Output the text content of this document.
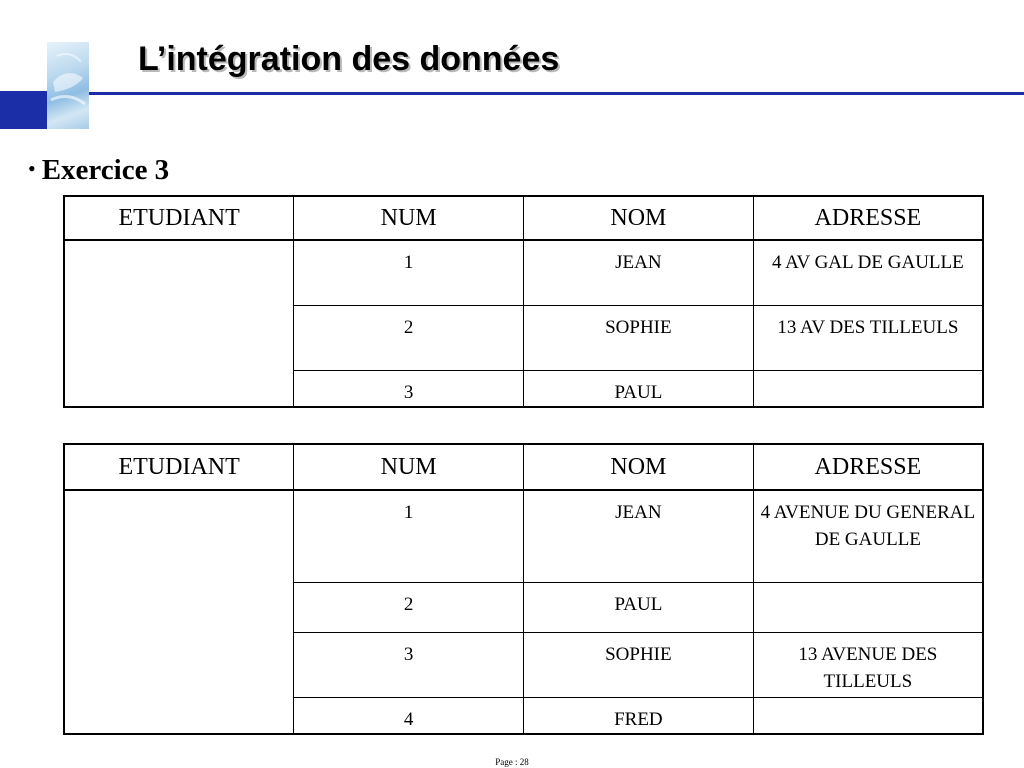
L’intégration des données

• Exercice 3

ETUDIANT	NUM	NOM	ADRESSE
	1	JEAN	4 AV GAL DE GAULLE
	2	SOPHIE	13 AV DES TILLEULS
	3	PAUL	
ETUDIANT	NUM	NOM	ADRESSE
	1	JEAN	4 AVENUE DU GENERAL DE GAULLE
	2	PAUL	
	3	SOPHIE	13 AVENUE DES TILLEULS
	4	FRED	
Page : 28
